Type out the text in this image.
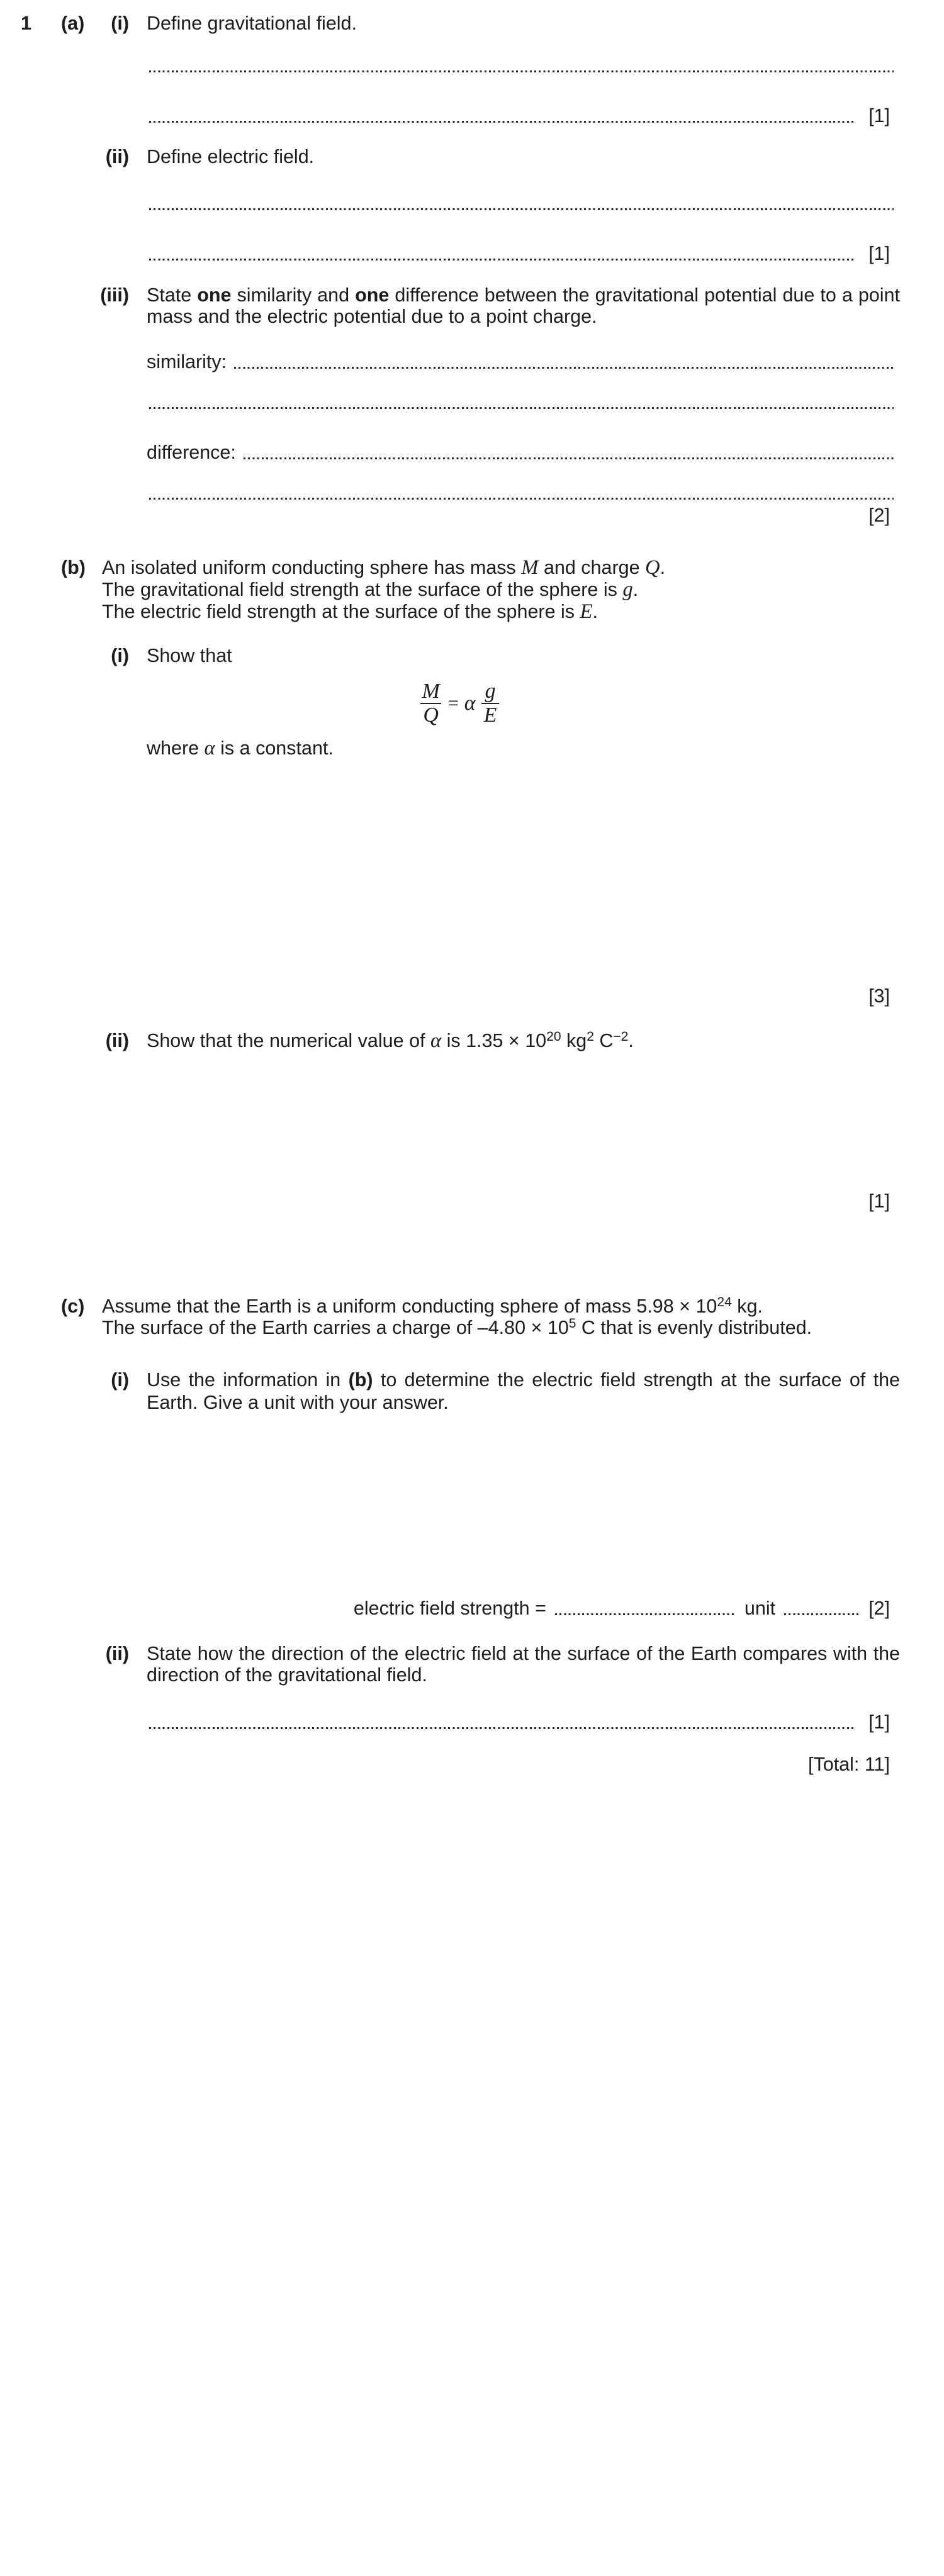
1 (a)	(i) Define gravitational field.
[1]
(ii) Define electric field.
[1]
(iii) State one similarity and one difference between the gravitational potential due to a point
mass and the electric potential due to a point charge.
similarity:
difference:
[2]
(b) An isolated uniform conducting sphere has mass M and charge Q.
The gravitational field strength at the surface of the sphere is g.
The electric field strength at the surface of the sphere is E.
(i) Show that
$\frac{M}{Q} = \alpha \frac{g}{E}$
where α is a constant.
[3]
(ii) Show that the numerical value of α is $1.35 \times 10^{20}$ $kg^2$ $C^{-2}$.
[1]
(c) Assume that the Earth is a uniform conducting sphere of mass $5.98 \times 10^{24}$ kg.
The surface of the Earth carries a charge of $-4.80 \times 10^5$ C that is evenly distributed.
(i) Use the information in (b) to determine the electric field strength at the surface of the
Earth. Give a unit with your answer.
electric field strength =	unit	[2]
(ii) State how the direction of the electric field at the surface of the Earth compares with the
direction of the gravitational field.
[1]
[Total: 11]
